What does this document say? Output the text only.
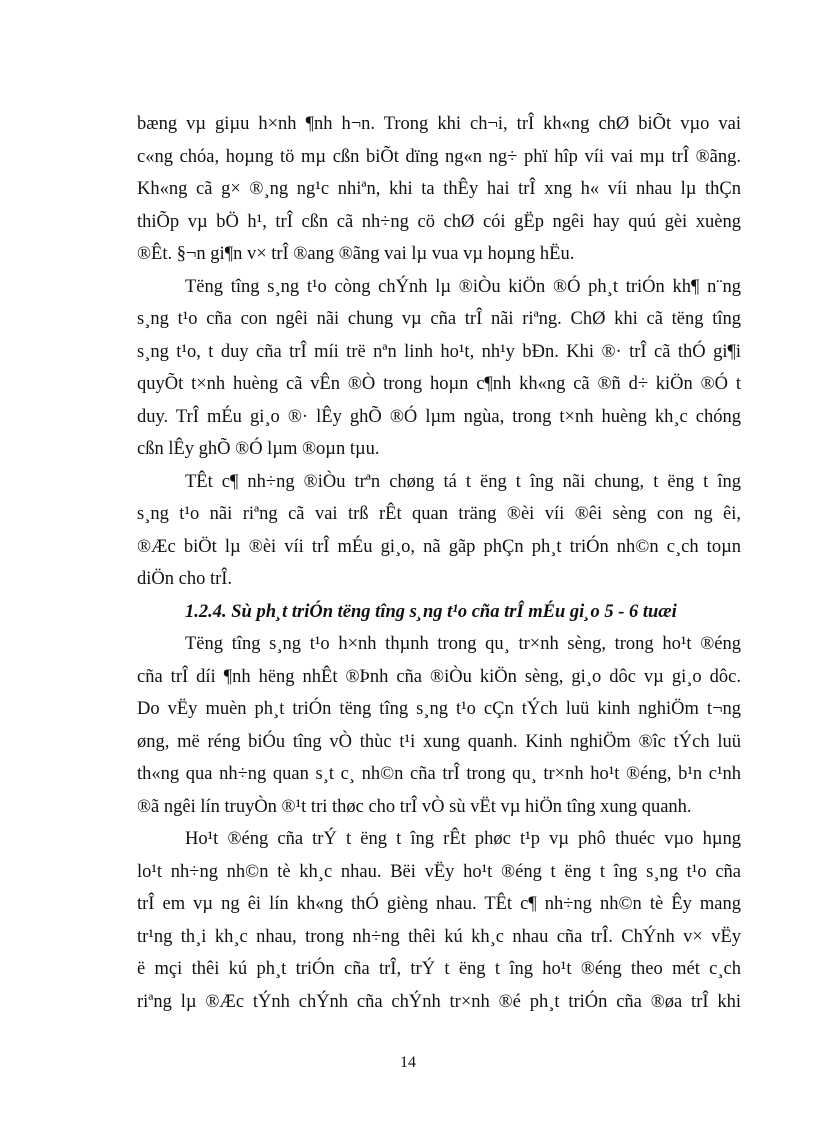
bæng vµ giµu h×nh ¶nh h¬n. Trong khi ch¬i, trÎ kh«ng chØ biÕt vµo vai
c«ng chóa, hoµng tö mµ cßn biÕt dïng ng«n ng÷ phï hîp víi vai mµ trÎ ®ãng.
Kh«ng cã g× ®¸ng ng¹c nhiªn, khi ta thÊy hai trÎ xng h« víi nhau lµ thÇn
thiÕp vµ bÖ h¹, trÎ cßn cã nh÷ng cö chØ cói gËp ngêi hay quú gèi xuèng
®Êt. §¬n gi¶n v× trÎ ®ang ®ãng vai lµ vua vµ hoµng hËu.
Tëng tîng s¸ng t¹o còng chÝnh lµ ®iÒu kiÖn ®Ó ph¸t triÓn kh¶ n¨ng
s¸ng t¹o cña con ngêi nãi chung vµ cña trÎ nãi riªng. ChØ khi cã tëng tîng
s¸ng t¹o, t duy cña trÎ míi trë nªn linh ho¹t, nh¹y bÐn. Khi ®· trÎ cã thÓ gi¶i
quyÕt t×nh huèng cã vÊn ®Ò trong hoµn c¶nh kh«ng cã ®ñ d÷ kiÖn ®Ó t
duy. TrÎ mÉu gi¸o ®· lÊy ghÕ ®Ó lµm ngùa, trong t×nh huèng kh¸c chóng
cßn lÊy ghÕ ®Ó lµm ®oµn tµu.
TÊt c¶ nh÷ng ®iÒu trªn chøng tá t ëng t îng nãi chung, t ëng t îng
s¸ng t¹o nãi riªng cã vai trß rÊt quan träng ®èi víi ®êi sèng con ng êi,
®Æc biÖt lµ ®èi víi trÎ mÉu gi¸o, nã gãp phÇn ph¸t triÓn nh©n c¸ch toµn
diÖn cho trÎ.
1.2.4. Sù ph¸t triÓn tëng tîng s¸ng t¹o cña trÎ mÉu gi¸o 5 - 6 tuæi
Tëng tîng s¸ng t¹o h×nh thµnh trong qu¸ tr×nh sèng, trong ho¹t ®éng
cña trÎ díi ¶nh hëng nhÊt ®Þnh cña ®iÒu kiÖn sèng, gi¸o dôc vµ gi¸o dôc.
Do vËy muèn ph¸t triÓn tëng tîng s¸ng t¹o cÇn tÝch luü kinh nghiÖm t¬ng
øng, më réng biÓu tîng vÒ thùc t¹i xung quanh. Kinh nghiÖm ®îc tÝch luü
th«ng qua nh÷ng quan s¸t c¸ nh©n cña trÎ trong qu¸ tr×nh ho¹t ®éng, b¹n c¹nh
®ã ngêi lín truyÒn ®¹t tri thøc cho trÎ vÒ sù vËt vµ hiÖn tîng xung quanh.
Ho¹t ®éng cña trÝ t ëng t îng rÊt phøc t¹p vµ phô thuéc vµo hµng
lo¹t nh÷ng nh©n tè kh¸c nhau. Bëi vËy ho¹t ®éng t ëng t îng s¸ng t¹o cña
trÎ em vµ ng êi lín kh«ng thÓ gièng nhau. TÊt c¶ nh÷ng nh©n tè Êy mang
tr¹ng th¸i kh¸c nhau, trong nh÷ng thêi kú kh¸c nhau cña trÎ. ChÝnh v× vËy
ë mçi thêi kú ph¸t triÓn cña trÎ, trÝ t ëng t îng ho¹t ®éng theo mét c¸ch
riªng lµ ®Æc tÝnh chÝnh cña chÝnh tr×nh ®é ph¸t triÓn cña ®øa trÎ khi
14
